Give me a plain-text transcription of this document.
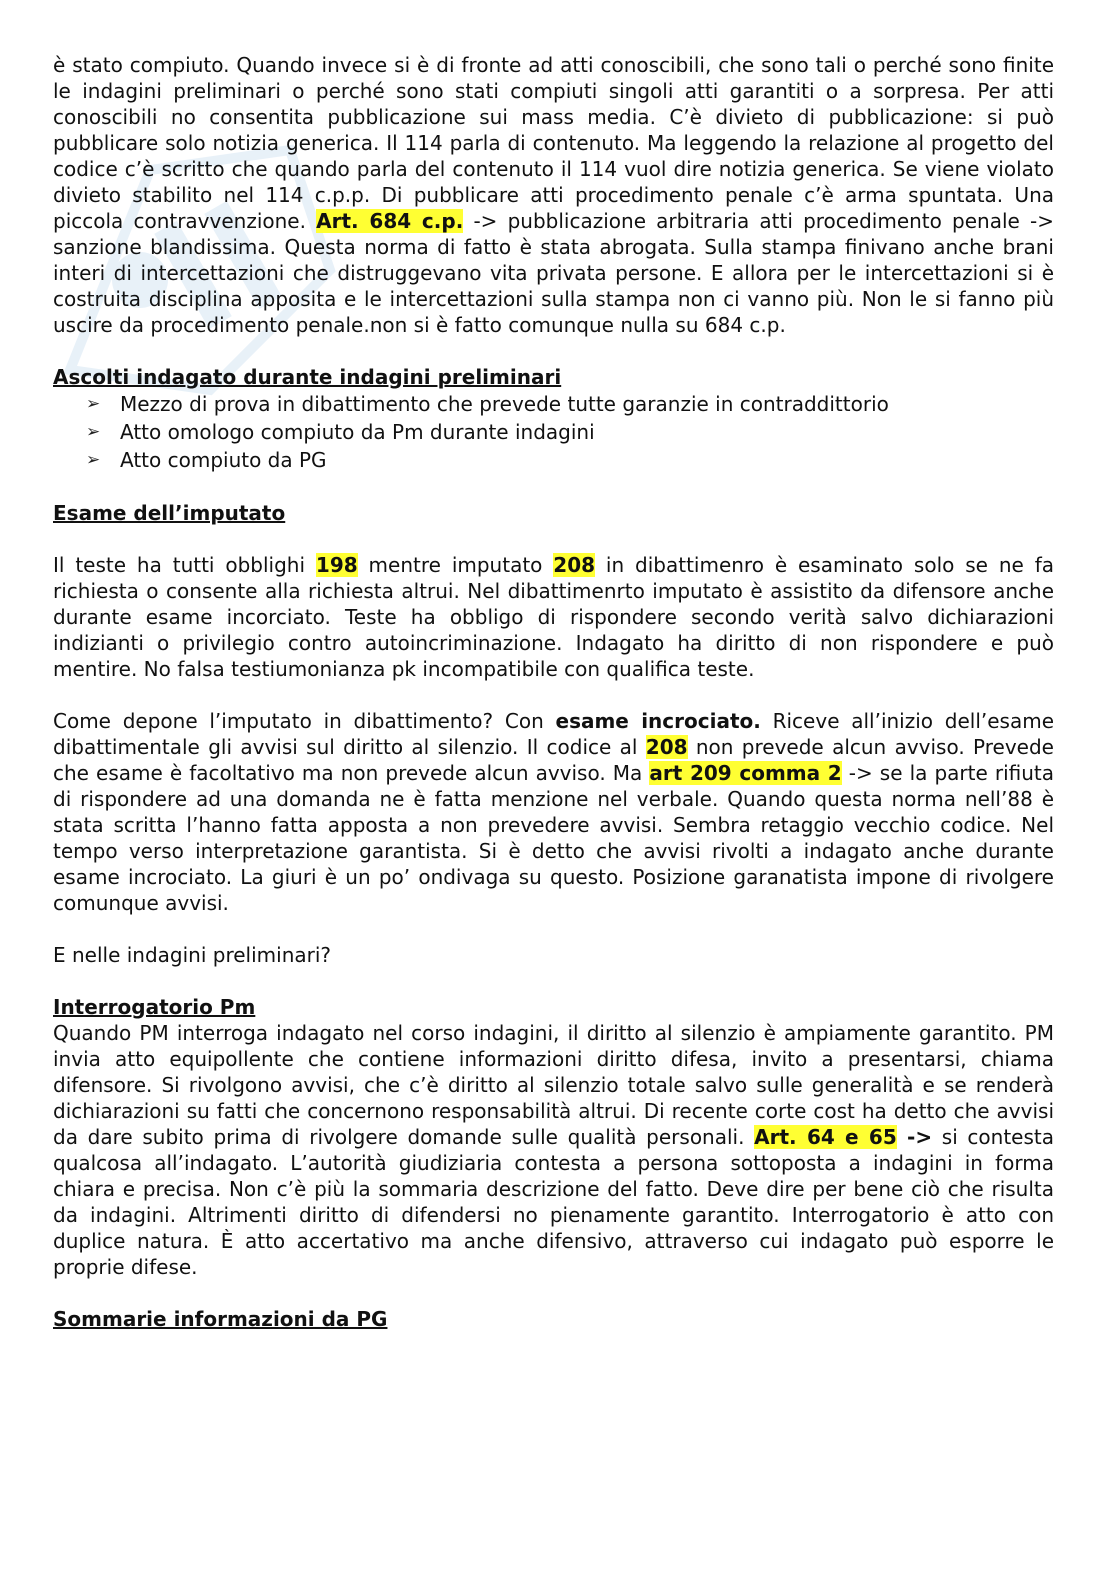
è stato compiuto. Quando invece si è di fronte ad atti conoscibili, che sono tali o perché sono finite le indagini preliminari o perché sono stati compiuti singoli atti garantiti o a sorpresa. Per atti conoscibili no consentita pubblicazione sui mass media. C’è divieto di pubblicazione: si può pubblicare solo notizia generica. Il 114 parla di contenuto. Ma leggendo la relazione al progetto del codice c’è scritto che quando parla del contenuto il 114 vuol dire notizia generica. Se viene violato divieto stabilito nel 114 c.p.p. Di pubblicare atti procedimento penale c’è arma spuntata. Una piccola contravvenzione. Art. 684 c.p. -> pubblicazione arbitraria atti procedimento penale -> sanzione blandissima. Questa norma di fatto è stata abrogata. Sulla stampa finivano anche brani interi di intercettazioni che distruggevano vita privata persone. E allora per le intercettazioni si è costruita disciplina apposita e le intercettazioni sulla stampa non ci vanno più. Non le si fanno più uscire da procedimento penale.non si è fatto comunque nulla su 684 c.p.

Ascolti indagato durante indagini preliminari
➢ Mezzo di prova in dibattimento che prevede tutte garanzie in contraddittorio
➢ Atto omologo compiuto da Pm durante indagini
➢ Atto compiuto da PG
Esame dell’imputato

Il teste ha tutti obblighi 198 mentre imputato 208 in dibattimenro è esaminato solo se ne fa richiesta o consente alla richiesta altrui. Nel dibattimenrto imputato è assistito da difensore anche durante esame incorciato. Teste ha obbligo di rispondere secondo verità salvo dichiarazioni indizianti o privilegio contro autoincriminazione. Indagato ha diritto di non rispondere e può mentire. No falsa testiumonianza pk incompatibile con qualifica teste.

Come depone l’imputato in dibattimento? Con esame incrociato. Riceve all’inizio dell’esame dibattimentale gli avvisi sul diritto al silenzio. Il codice al 208 non prevede alcun avviso. Prevede che esame è facoltativo ma non prevede alcun avviso. Ma art 209 comma 2 -> se la parte rifiuta di rispondere ad una domanda ne è fatta menzione nel verbale. Quando questa norma nell’88 è stata scritta l’hanno fatta apposta a non prevedere avvisi. Sembra retaggio vecchio codice. Nel tempo verso interpretazione garantista. Si è detto che avvisi rivolti a indagato anche durante esame incrociato. La giuri è un po’ ondivaga su questo. Posizione garanatista impone di rivolgere comunque avvisi.

E nelle indagini preliminari?

Interrogatorio Pm

Quando PM interroga indagato nel corso indagini, il diritto al silenzio è ampiamente garantito. PM invia atto equipollente che contiene informazioni diritto difesa, invito a presentarsi, chiama difensore. Si rivolgono avvisi, che c’è diritto al silenzio totale salvo sulle generalità e se renderà dichiarazioni su fatti che concernono responsabilità altrui. Di recente corte cost ha detto che avvisi da dare subito prima di rivolgere domande sulle qualità personali. Art. 64 e 65 -> si contesta qualcosa all’indagato. L’autorità giudiziaria contesta a persona sottoposta a indagini in forma chiara e precisa. Non c’è più la sommaria descrizione del fatto. Deve dire per bene ciò che risulta da indagini. Altrimenti diritto di difendersi no pienamente garantito. Interrogatorio è atto con duplice natura. È atto accertativo ma anche difensivo, attraverso cui indagato può esporre le proprie difese.

Sommarie informazioni da PG
